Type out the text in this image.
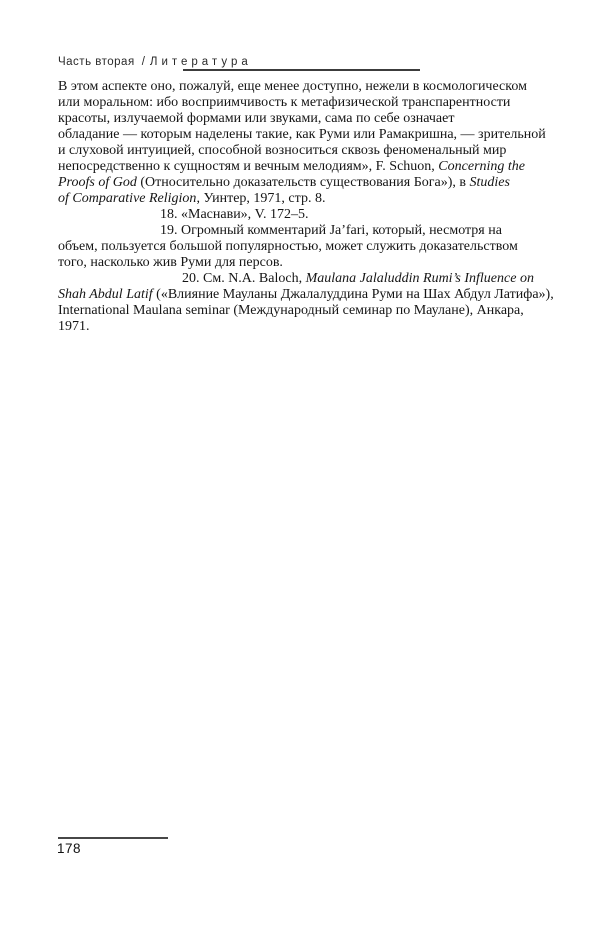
Часть вторая / Литература
В этом аспекте оно, пожалуй, еще менее доступно, нежели в космологическом
или моральном: ибо восприимчивость к метафизической транспарентности
красоты, излучаемой формами или звуками, сама по себе означает
обладание — которым наделены такие, как Руми или Рамакришна, — зрительной
и слуховой интуицией, способной возноситься сквозь феноменальный мир
непосредственно к сущностям и вечным мелодиям», F. Schuon, Concerning the
Proofs of God (Относительно доказательств существования Бога»), в Studies
of Comparative Religion, Уинтер, 1971, стр. 8.
18. «Маснави», V. 172–5.
19. Огромный комментарий Ja’fari, который, несмотря на
объем, пользуется большой популярностью, может служить доказательством
того, насколько жив Руми для персов.
20. См. N.A. Baloch, Maulana Jalaluddin Rumi’s Influence on
Shah Abdul Latif («Влияние Мауланы Джалалуддина Руми на Шах Абдул Латифа»),
International Maulana seminar (Международный семинар по Маулане), Анкара,
1971.
178
